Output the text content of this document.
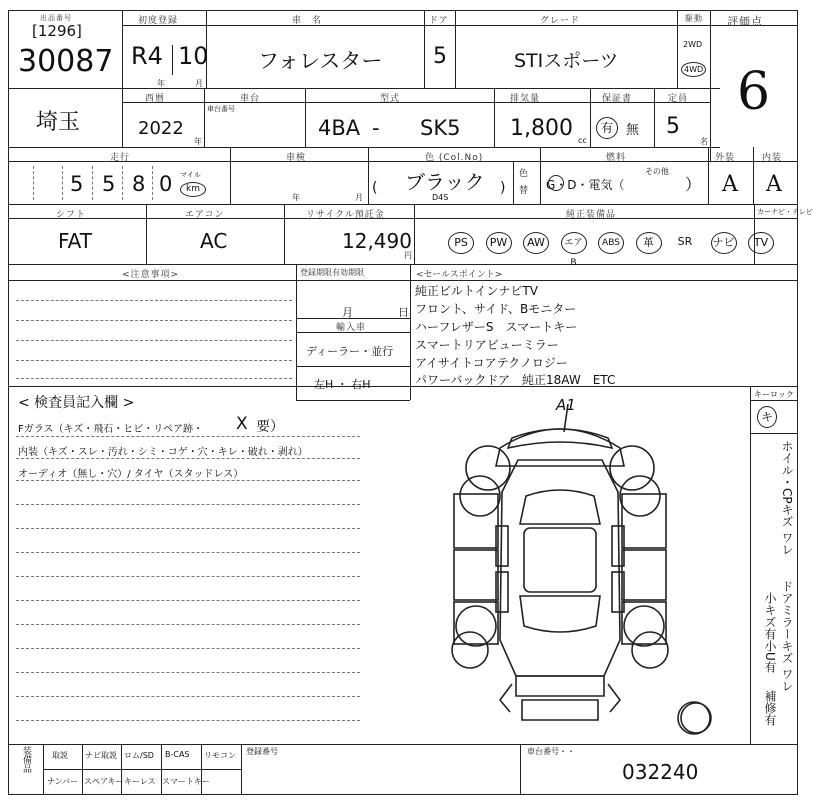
出品番号
[1296]
30087
初度登録
R4 10
年	月
車　名
フォレスター
ドア
5
グレード
STIスポーツ
駆動
2WD
4WD
評価点
6
埼玉
西暦
2022
年
車台
車台番号
型式
4BA - SK5
排気量
1,800 cc
保証書
有	無
定員
5
名
走行
5 5 8 0 マイル
km
車検
年	月
色 (Col.No)
( ブラック )
D4S
色替
燃料
G・D・電気（
その他
）
外装
A
内装
A
シフト
FAT
エアコン
AC
リサイクル預託金
12,490
円
純正装備品	カーナビ・テレビ
PS	PW	AW	エアB
ABS	革	SR	ナビ	TV
<注意事項>	登録期限有効期限
月	日
輸入車
ディーラー・並行
左H ・ 右H
<セールスポイント>
純正ビルトインナビTV
フロント、サイド、Bモニター
ハーフレザーS　スマートキー
スマートリアビューミラー
アイサイトコアテクノロジー
パワーバックドア　純正18AW　ETC
< 検査員記入欄 >
Fガラス（キズ・飛石・ヒビ・リペア跡・ X 要）
内装（キズ・スレ・汚れ・シミ・コゲ・穴・キレ・破れ・剥れ）
オーディオ（無し・穴）/ タイヤ（スタッドレス）
A1
キーロック
キ
ホイル・CPキズ ワレ
ドアミラーキズ ワレ
小キズ有
小U有
補修有
装備品	取説 ナビ取説 ロム/SD B-CAS リモコン
ナンバー スペアキー キーレス スマートキー
登録番号	車台番号・・
032240
